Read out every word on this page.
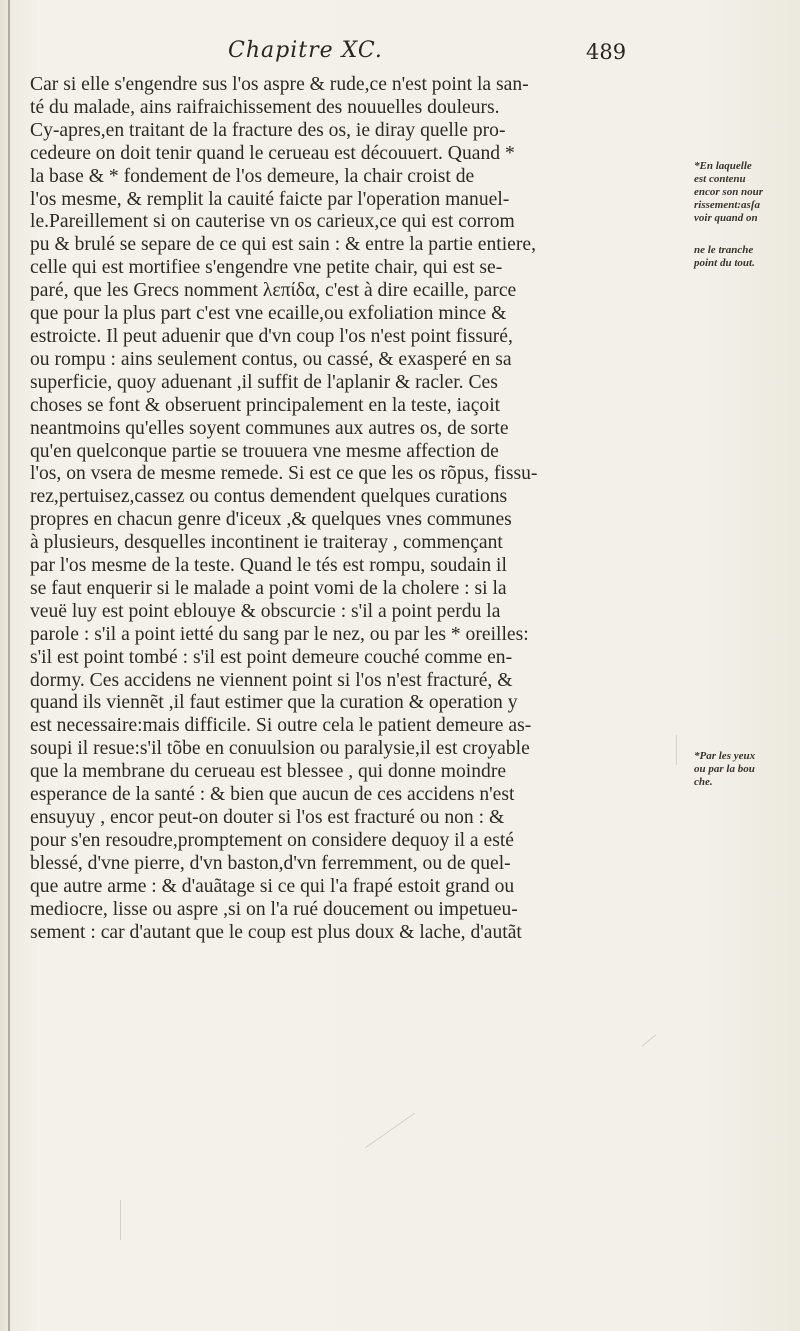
Chapitre XC.	489
Car si elle s'engendre sus l'os aspre & rude,ce n'est point la san-
té du malade, ains raifraichissement des nouuelles douleurs.
Cy-apres,en traitant de la fracture des os, ie diray quelle pro-
cedeure on doit tenir quand le cerueau est découuert. Quand *
la base & * fondement de l'os demeure, la chair croist de
l'os mesme, & remplit la cauité faicte par l'operation manuel-
le.Pareillement si on cauterise vn os carieux,ce qui est corrom
pu & brulé se separe de ce qui est sain : & entre la partie entiere,
celle qui est mortifiee s'engendre vne petite chair, qui est se-
paré, que les Grecs nomment λεπίδα, c'est à dire ecaille, parce
que pour la plus part c'est vne ecaille,ou exfoliation mince &
estroicte. Il peut aduenir que d'vn coup l'os n'est point fissuré,
ou rompu : ains seulement contus, ou cassé, & exasperé en sa
superficie, quoy aduenant ,il suffit de l'aplanir & racler. Ces
choses se font & obseruent principalement en la teste, iaçoit
neantmoins qu'elles soyent communes aux autres os, de sorte
qu'en quelconque partie se trouuera vne mesme affection de
l'os, on vsera de mesme remede. Si est ce que les os rõpus, fissu-
rez,pertuisez,cassez ou contus demendent quelques curations
propres en chacun genre d'iceux ,& quelques vnes communes
à plusieurs, desquelles incontinent ie traiteray , commençant
par l'os mesme de la teste. Quand le tés est rompu, soudain il
se faut enquerir si le malade a point vomi de la cholere : si la
veuë luy est point eblouye & obscurcie : s'il a point perdu la
parole : s'il a point ietté du sang par le nez, ou par les * oreilles:
s'il est point tombé : s'il est point demeure couché comme en-
dormy. Ces accidens ne viennent point si l'os n'est fracturé, &
quand ils viennẽt ,il faut estimer que la curation & operation y
est necessaire:mais difficile. Si outre cela le patient demeure as-
soupi il resue:s'il tõbe en conuulsion ou paralysie,il est croyable
que la membrane du cerueau est blessee , qui donne moindre
esperance de la santé : & bien que aucun de ces accidens n'est
ensuyuy , encor peut-on douter si l'os est fracturé ou non : &
pour s'en resoudre,promptement on considere dequoy il a esté
blessé, d'vne pierre, d'vn baston,d'vn ferremment, ou de quel-
que autre arme : & d'auãtage si ce qui l'a frapé estoit grand ou
mediocre, lisse ou aspre ,si on l'a rué doucement ou impetueu-
sement : car d'autant que le coup est plus doux & lache, d'autãt
*En laquelle
est contenu
encor son nour
rissement:asſa
voir quand on
ne le tranche
point du tout.
*Par les yeux
ou par la bou
che.
